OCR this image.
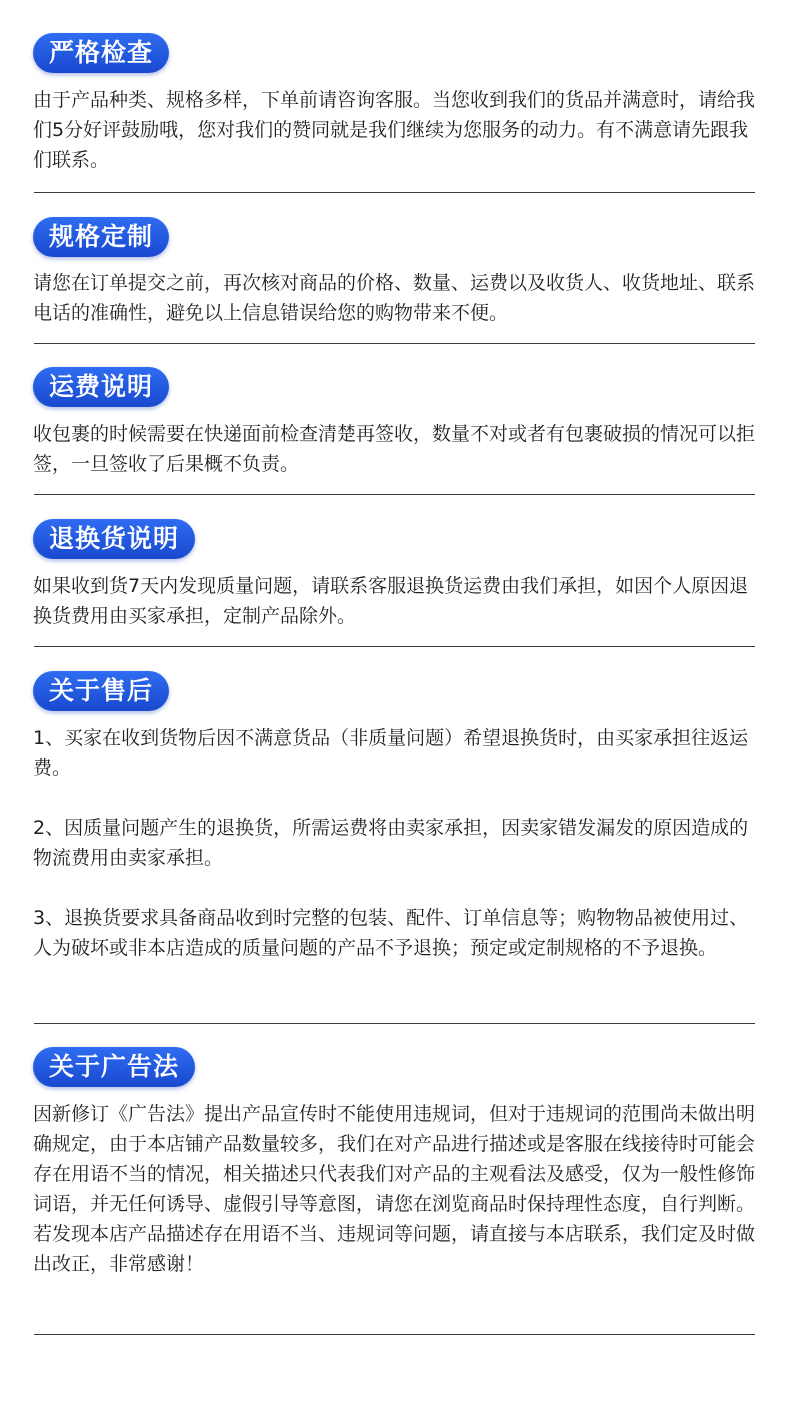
严格检查

由于产品种类、规格多样，下单前请咨询客服。当您收到我们的货品并满意时，请给我们5分好评鼓励哦，您对我们的赞同就是我们继续为您服务的动力。有不满意请先跟我们联系。

规格定制

请您在订单提交之前，再次核对商品的价格、数量、运费以及收货人、收货地址、联系电话的准确性，避免以上信息错误给您的购物带来不便。

运费说明

收包裹的时候需要在快递面前检查清楚再签收，数量不对或者有包裹破损的情况可以拒签，一旦签收了后果概不负责。

退换货说明

如果收到货7天内发现质量问题，请联系客服退换货运费由我们承担，如因个人原因退换货费用由买家承担，定制产品除外。

关于售后

1、买家在收到货物后因不满意货品（非质量问题）希望退换货时，由买家承担往返运费。

2、因质量问题产生的退换货，所需运费将由卖家承担，因卖家错发漏发的原因造成的物流费用由卖家承担。

3、退换货要求具备商品收到时完整的包装、配件、订单信息等；购物物品被使用过、人为破坏或非本店造成的质量问题的产品不予退换；预定或定制规格的不予退换。

关于广告法

因新修订《广告法》提出产品宣传时不能使用违规词，但对于违规词的范围尚未做出明确规定，由于本店铺产品数量较多，我们在对产品进行描述或是客服在线接待时可能会存在用语不当的情况，相关描述只代表我们对产品的主观看法及感受，仅为一般性修饰词语，并无任何诱导、虚假引导等意图，请您在浏览商品时保持理性态度，自行判断。

若发现本店产品描述存在用语不当、违规词等问题，请直接与本店联系，我们定及时做出改正，非常感谢！
